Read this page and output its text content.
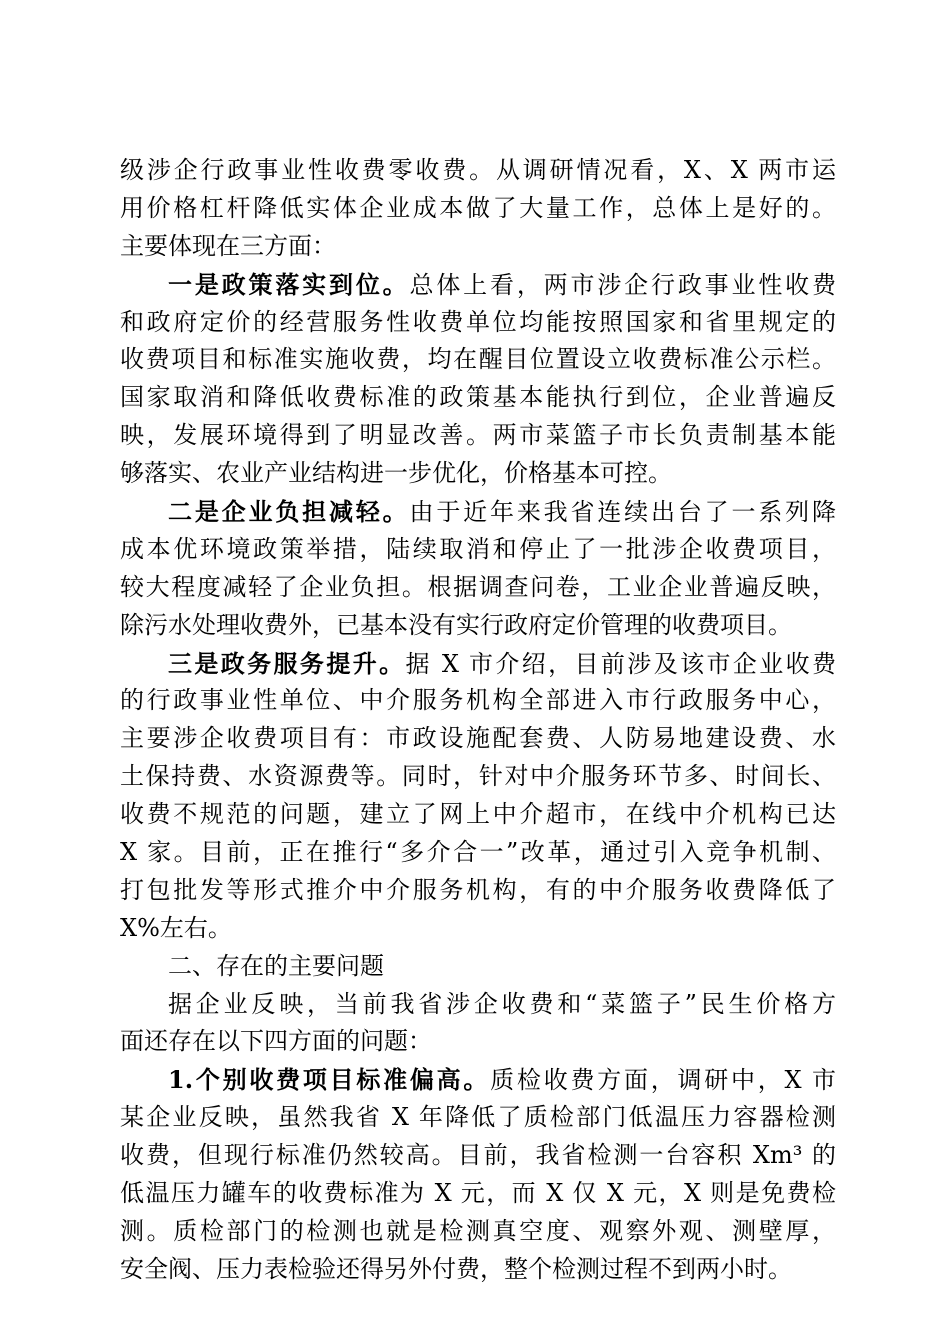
级涉企行政事业性收费零收费。从调研情况看，X、X 两市运
用价格杠杆降低实体企业成本做了大量工作，总体上是好的。
主要体现在三方面：
一是政策落实到位。总体上看，两市涉企行政事业性收费
和政府定价的经营服务性收费单位均能按照国家和省里规定的
收费项目和标准实施收费，均在醒目位置设立收费标准公示栏。
国家取消和降低收费标准的政策基本能执行到位，企业普遍反
映，发展环境得到了明显改善。两市菜篮子市长负责制基本能
够落实、农业产业结构进一步优化，价格基本可控。
二是企业负担减轻。由于近年来我省连续出台了一系列降
成本优环境政策举措，陆续取消和停止了一批涉企收费项目，
较大程度减轻了企业负担。根据调查问卷，工业企业普遍反映，
除污水处理收费外，已基本没有实行政府定价管理的收费项目。
三是政务服务提升。据 X 市介绍，目前涉及该市企业收费
的行政事业性单位、中介服务机构全部进入市行政服务中心，
主要涉企收费项目有：市政设施配套费、人防易地建设费、水
土保持费、水资源费等。同时，针对中介服务环节多、时间长、
收费不规范的问题，建立了网上中介超市，在线中介机构已达
X 家。目前，正在推行“多介合一”改革，通过引入竞争机制、
打包批发等形式推介中介服务机构，有的中介服务收费降低了
X%左右。
二、存在的主要问题
据企业反映，当前我省涉企收费和“菜篮子”民生价格方
面还存在以下四方面的问题：
1.个别收费项目标准偏高。质检收费方面，调研中，X 市
某企业反映，虽然我省 X 年降低了质检部门低温压力容器检测
收费，但现行标准仍然较高。目前，我省检测一台容积 Xm³ 的
低温压力罐车的收费标准为 X 元，而 X 仅 X 元，X 则是免费检
测。质检部门的检测也就是检测真空度、观察外观、测壁厚，
安全阀、压力表检验还得另外付费，整个检测过程不到两小时。
